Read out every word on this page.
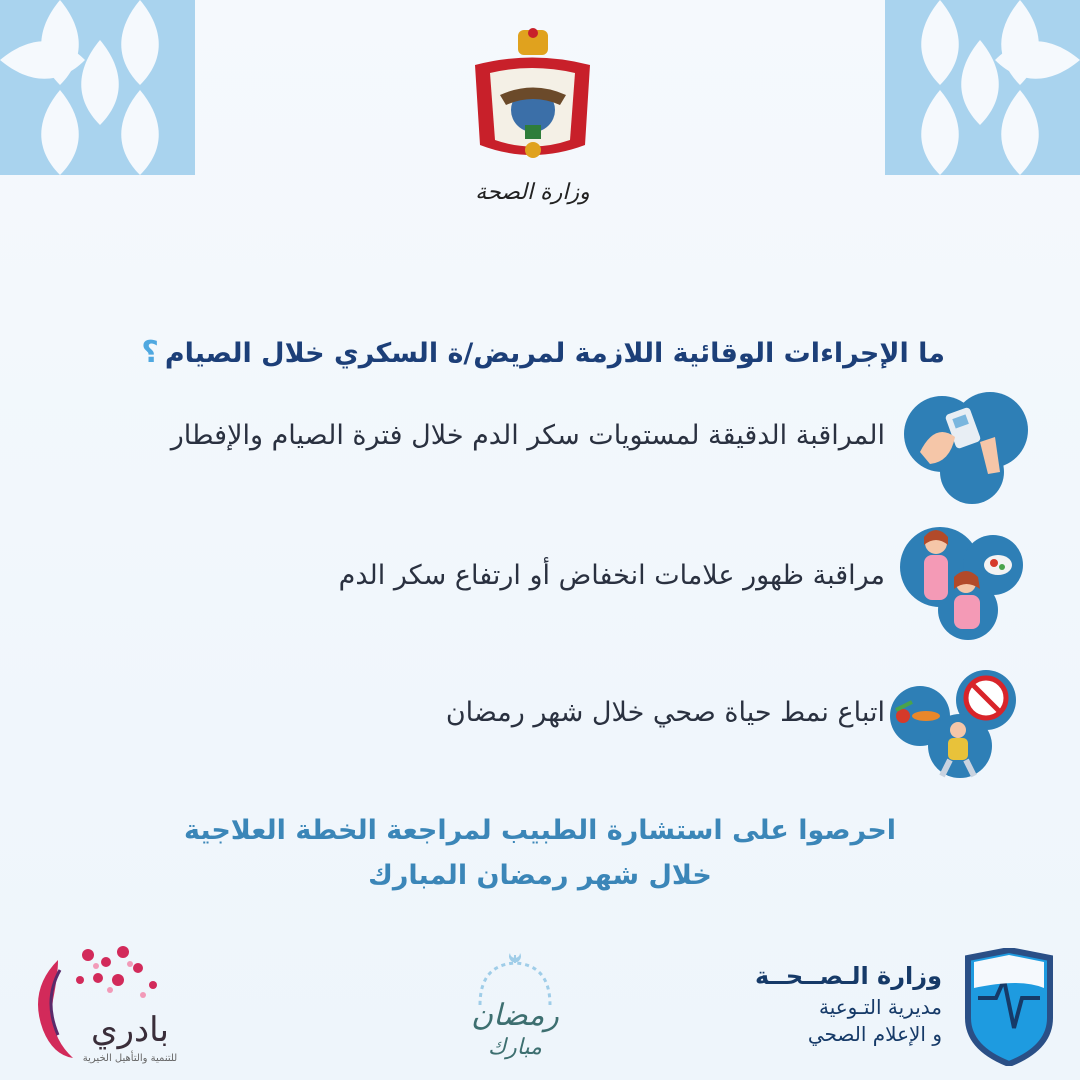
وزارة الصحة
ما الإجراءات الوقائية اللازمة لمريض/ة السكري خلال الصيام؟
المراقبة الدقيقة لمستويات سكر الدم خلال فترة الصيام والإفطار
مراقبة ظهور علامات انخفاض أو ارتفاع سكر الدم
اتباع نمط حياة صحي خلال شهر رمضان
احرصوا على استشارة الطبيب لمراجعة الخطة العلاجية
خلال شهر رمضان المبارك
بادري
للتنمية والتأهيل الخيرية
رمضان
مبارك
وزارة الـصــحــة
مديرية التـوعية
و الإعلام الصحي
